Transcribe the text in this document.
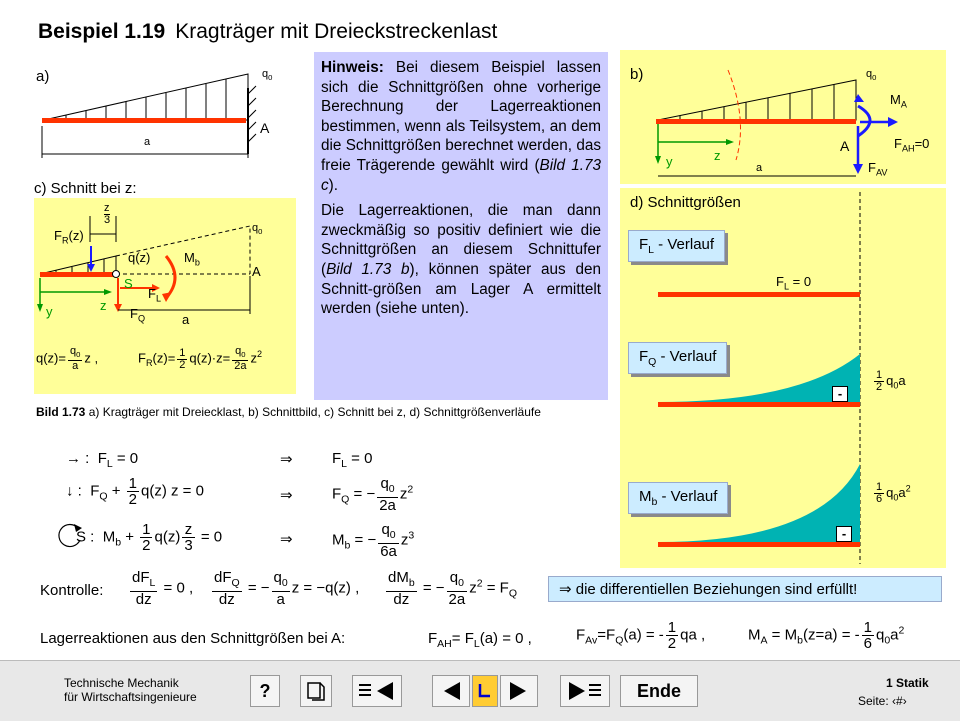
Beispiel 1.19 Kragträger mit Dreieckstreckenlast
a)	$q_0$
A
a
c) Schnitt bei z:
z
3
$F_R(z)$
q(z)	$M_b$
$q_0$
A
S
$F_L$
z
y	$F_Q$	a
$q(z)= \frac{q_0}{a}$ z ,	$F_R(z)= \frac{1}{2} q(z)\cdot z= \frac{q_0}{2a} z^2$

Hinweis: Bei diesem Beispiel lassen sich die Schnittgrößen ohne vorherige Berechnung der Lagerreaktionen bestimmen, wenn als Teilsystem, an dem die Schnittgrößen berechnet werden, das freie Trägerende gewählt wird (Bild 1.73 c).

Die Lagerreaktionen, die man dann zweckmäßig so positiv definiert wie die Schnittgrößen an diesem Schnittufer (Bild 1.73 b), können später aus den Schnitt-größen am Lager A ermittelt werden (siehe unten).

b)	$q_0$
$M_A$
$F_{AH}=0$
A
z
y	a	$F_{AV}$
d) Schnittgrößen
$F_L$ - Verlauf
$F_L = 0$
$F_Q$ - Verlauf
$\frac{1}{2} q_0a$
-
$M_b$ - Verlauf	$\frac{1}{6} q_0a^2$
-
Bild 1.73 a) Kragträger mit Dreiecklast, b) Schnittbild, c) Schnitt bei z, d) Schnittgrößenverläufe
→ : $F_L = 0$	⇒	$F_L = 0$
↓ : $F_Q + \frac{1}{2} q(z) z = 0$	⇒	$F_Q$ = − $\frac{q_0}{2a} z^2$
S : $M_b + \frac{1}{2} q(z) \frac{z}{3} = 0$	⇒	$M_b$ = − $\frac{q_0}{6a} z^3$
Kontrolle: $\frac{dF_L}{dz} = 0$ , $\frac{dF_Q}{dz}$ = − $\frac{q_0}{a}$ z = −q(z) , $\frac{dM_b}{dz}$ = − $\frac{q_0}{2a} z^2 = F_Q$	⇒ die differentiellen Beziehungen sind erfüllt!
Lagerreaktionen aus den Schnittgrößen bei A:	$F_{AH}= F_L(a) = 0$ ,	$F_{Av}=F_Q(a)$ = - $\frac{1}{2}$ qa ,	$M_A = M_b(z=a)$ = - $\frac{1}{6} q_0a^2$
Technische Mechanik
für Wirtschaftsingenieure	?	Ende	1 Statik
Seite: ‹#›
